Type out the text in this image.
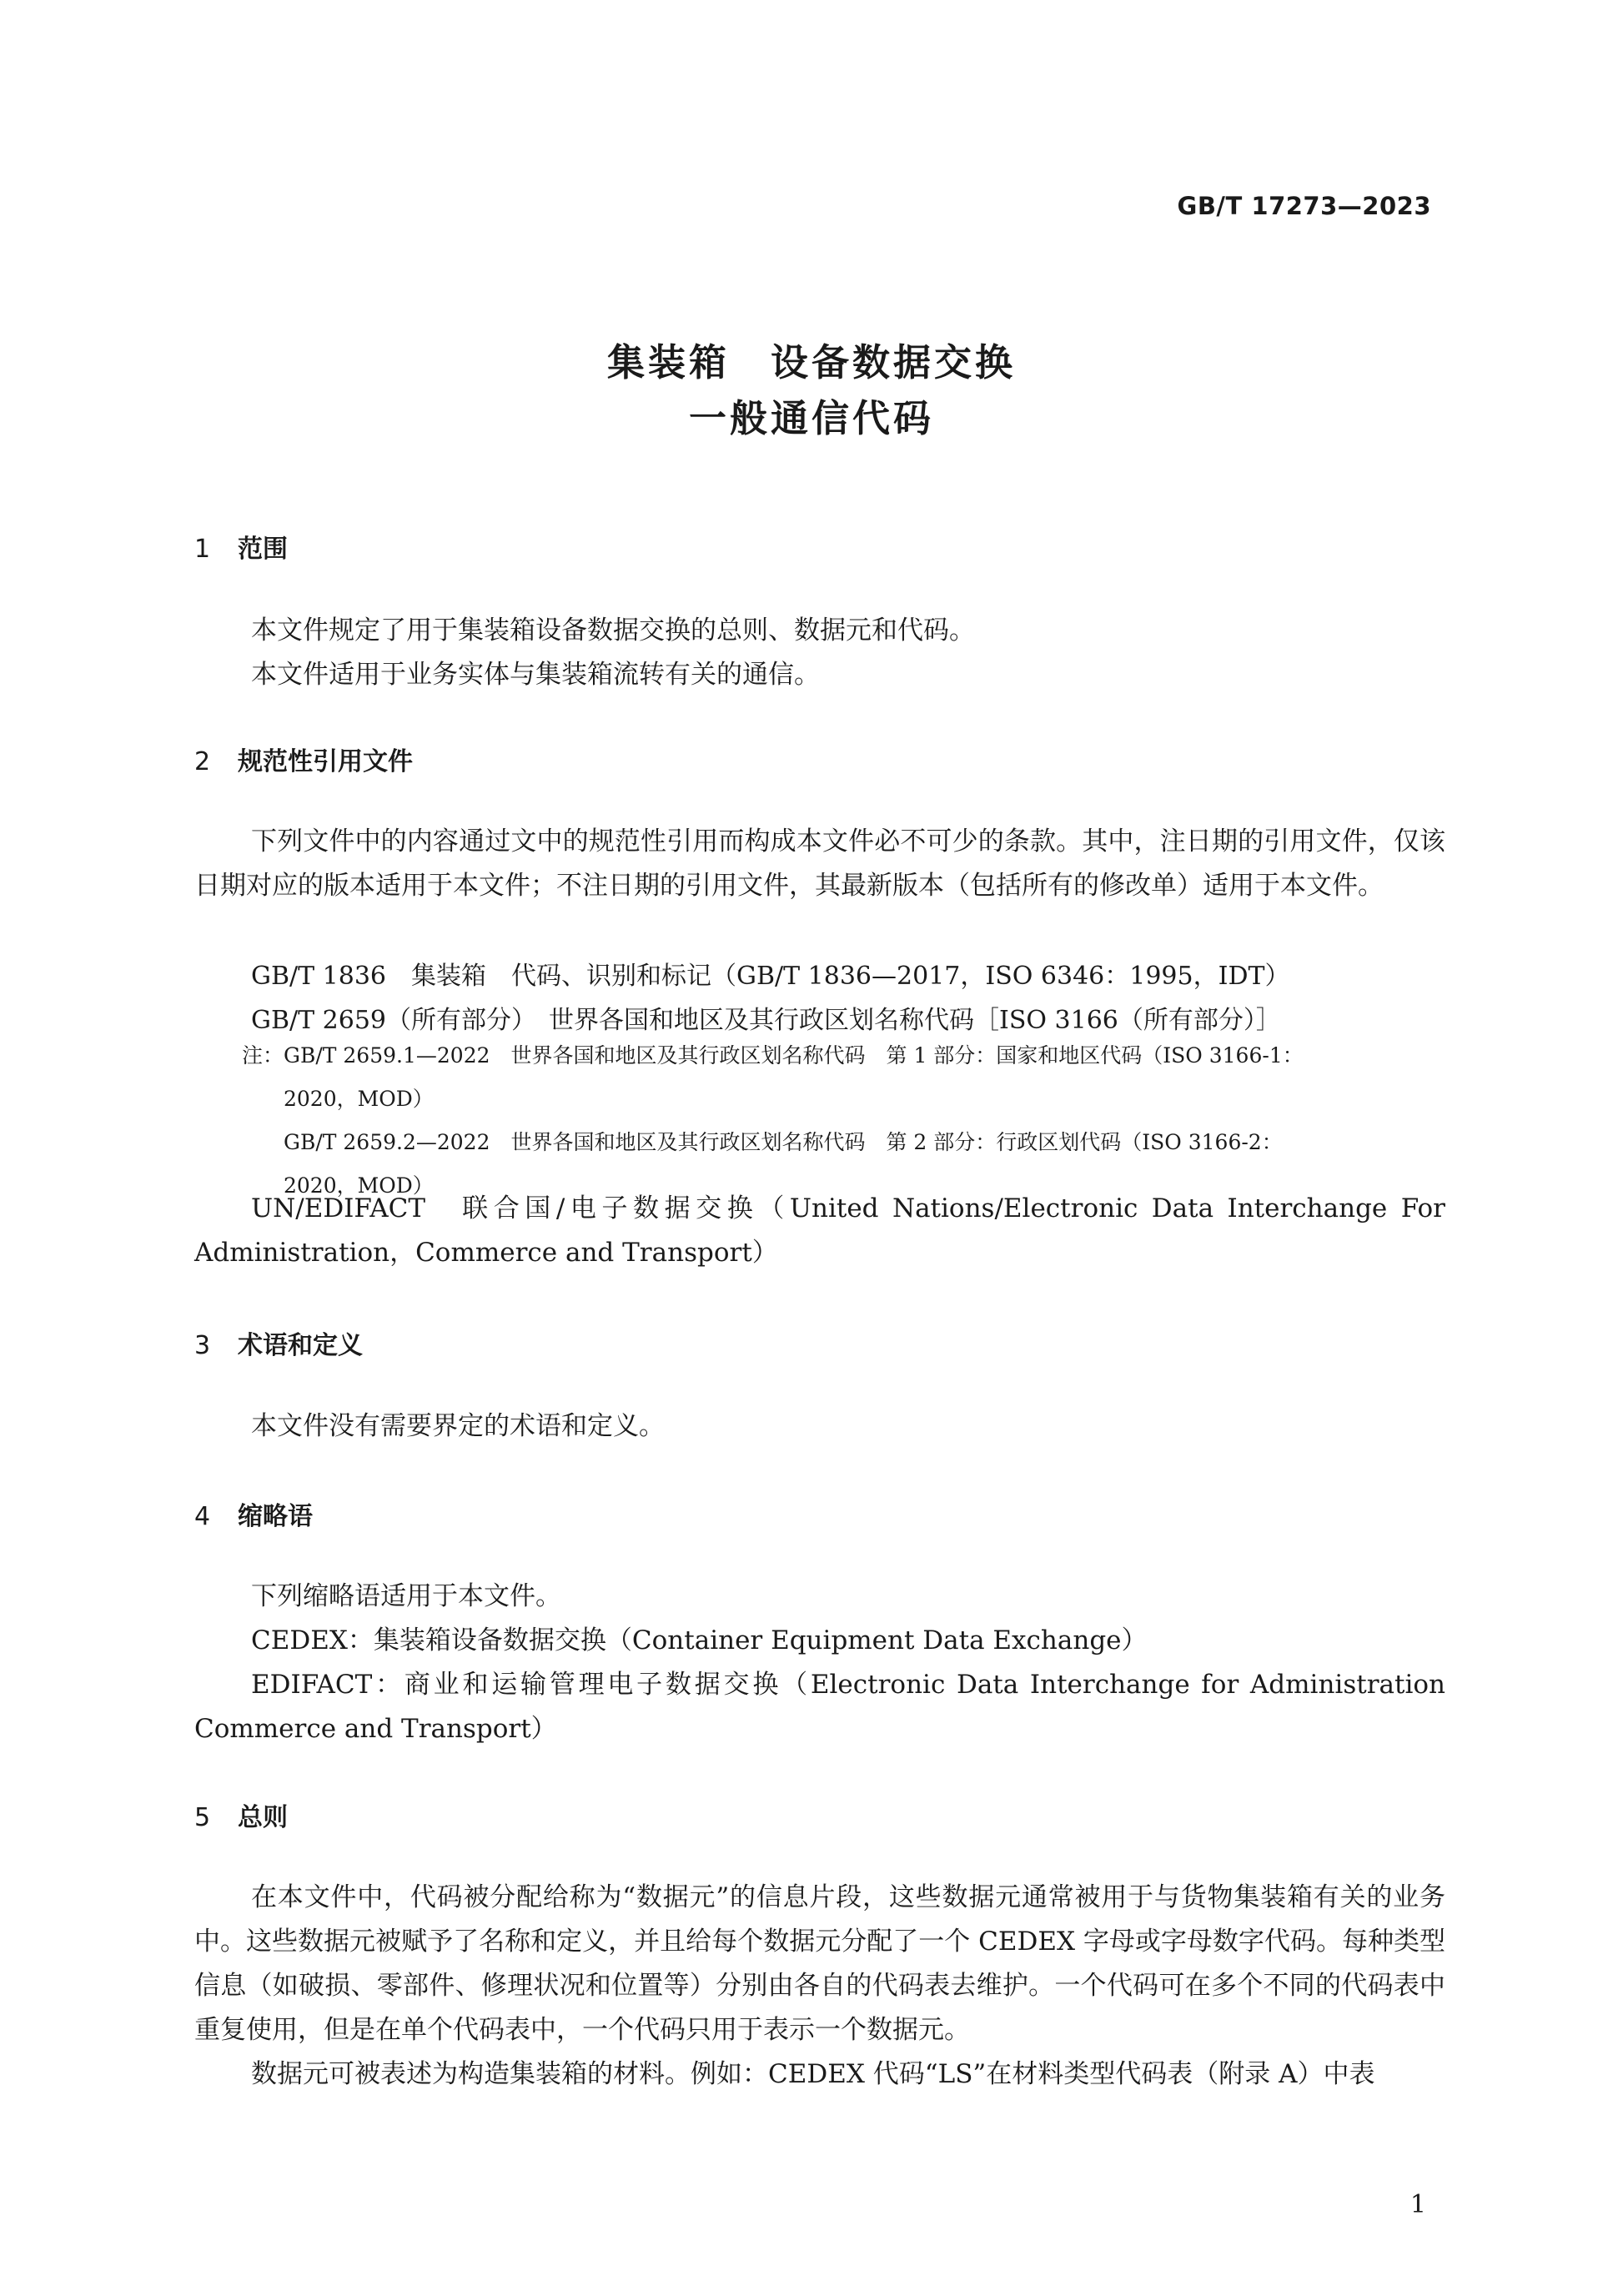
GB/T 17273—2023
集装箱　设备数据交换
一般通信代码
1 范围
本文件规定了用于集装箱设备数据交换的总则、数据元和代码。
本文件适用于业务实体与集装箱流转有关的通信。
2 规范性引用文件
下列文件中的内容通过文中的规范性引用而构成本文件必不可少的条款。其中，注日期的引用文件，仅该日期对应的版本适用于本文件；不注日期的引用文件，其最新版本（包括所有的修改单）适用于本文件。
GB/T 1836　集装箱　代码、识别和标记（GB/T 1836—2017，ISO 6346：1995，IDT）
GB/T 2659（所有部分）　世界各国和地区及其行政区划名称代码［ISO 3166（所有部分）］
注：GB/T 2659.1—2022　世界各国和地区及其行政区划名称代码　第 1 部分：国家和地区代码（ISO 3166-1：
2020，MOD）
GB/T 2659.2—2022　世界各国和地区及其行政区划名称代码　第 2 部分：行政区划代码（ISO 3166-2：
2020，MOD）
UN/EDIFACT　联合国/电子数据交换（United Nations/Electronic Data Interchange For Administration，Commerce and Transport）
3 术语和定义
本文件没有需要界定的术语和定义。
4 缩略语
下列缩略语适用于本文件。
CEDEX：集装箱设备数据交换（Container Equipment Data Exchange）
EDIFACT：商业和运输管理电子数据交换（Electronic Data Interchange for Administration Commerce and Transport）
5 总则
在本文件中，代码被分配给称为“数据元”的信息片段，这些数据元通常被用于与货物集装箱有关的业务中。这些数据元被赋予了名称和定义，并且给每个数据元分配了一个 CEDEX 字母或字母数字代码。每种类型信息（如破损、零部件、修理状况和位置等）分别由各自的代码表去维护。一个代码可在多个不同的代码表中重复使用，但是在单个代码表中，一个代码只用于表示一个数据元。
数据元可被表述为构造集装箱的材料。例如：CEDEX 代码“LS”在材料类型代码表（附录 A）中表
1
